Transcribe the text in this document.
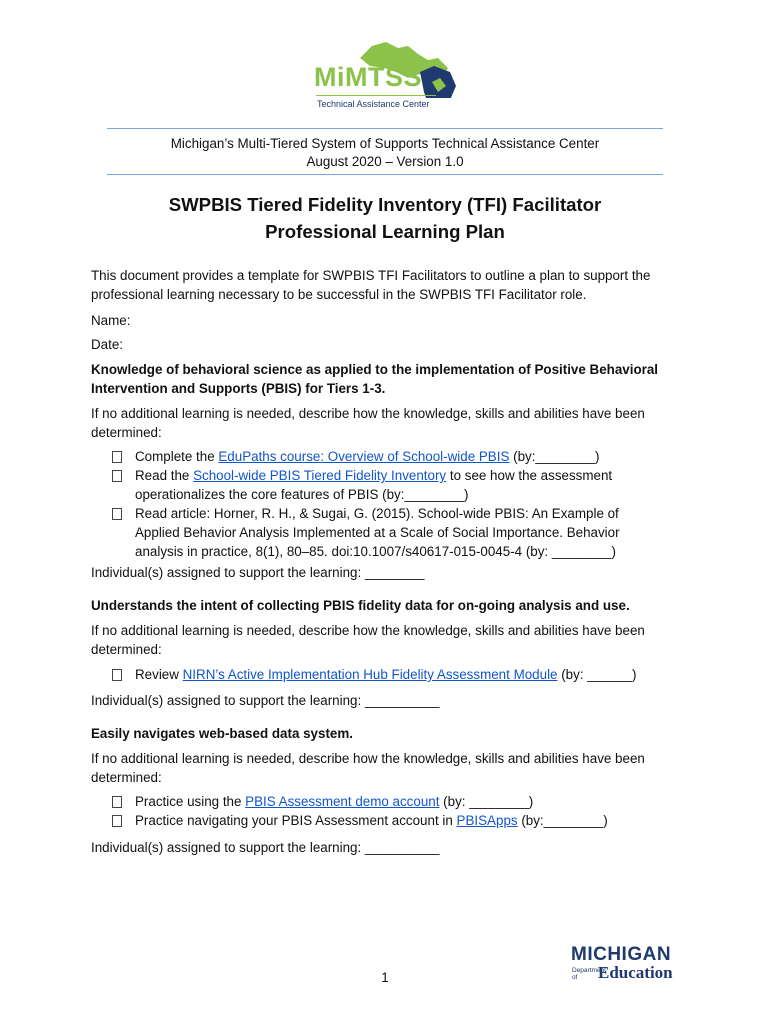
MiMTSS
Technical Assistance Center
Michigan’s Multi-Tiered System of Supports Technical Assistance Center
August 2020 – Version 1.0
SWPBIS Tiered Fidelity Inventory (TFI) Facilitator
Professional Learning Plan
This document provides a template for SWPBIS TFI Facilitators to outline a plan to support the
professional learning necessary to be successful in the SWPBIS TFI Facilitator role.
Name:
Date:
Knowledge of behavioral science as applied to the implementation of Positive Behavioral
Intervention and Supports (PBIS) for Tiers 1-3.
If no additional learning is needed, describe how the knowledge, skills and abilities have been
determined:
Complete the EduPaths course: Overview of School-wide PBIS (by:________)
Read the School-wide PBIS Tiered Fidelity Inventory to see how the assessment
operationalizes the core features of PBIS (by:________)
Read article: Horner, R. H., & Sugai, G. (2015). School-wide PBIS: An Example of
Applied Behavior Analysis Implemented at a Scale of Social Importance. Behavior
analysis in practice, 8(1), 80–85. doi:10.1007/s40617-015-0045-4 (by: ________)
Individual(s) assigned to support the learning: ________
Understands the intent of collecting PBIS fidelity data for on-going analysis and use.
If no additional learning is needed, describe how the knowledge, skills and abilities have been
determined:
Review NIRN’s Active Implementation Hub Fidelity Assessment Module (by: ______)
Individual(s) assigned to support the learning: __________
Easily navigates web-based data system.
If no additional learning is needed, describe how the knowledge, skills and abilities have been
determined:
Practice using the PBIS Assessment demo account (by: ________)
Practice navigating your PBIS Assessment account in PBISApps (by:________)
Individual(s) assigned to support the learning: __________
1
MICHIGAN
Department
of	Education
